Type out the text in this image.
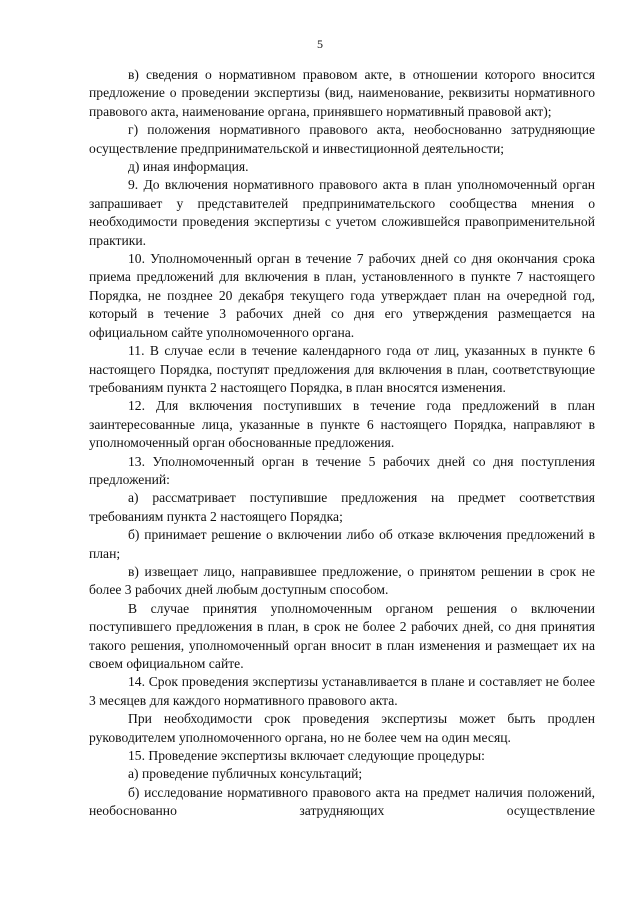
5

в) сведения о нормативном правовом акте, в отношении которого вносится предложение о проведении экспертизы (вид, наименование, реквизиты нормативного правового акта, наименование органа, принявшего нормативный правовой акт);

г) положения нормативного правового акта, необоснованно затрудняющие осуществление предпринимательской и инвестиционной деятельности;

д) иная информация.

9. До включения нормативного правового акта в план уполномоченный орган запрашивает у представителей предпринимательского сообщества мнения о необходимости проведения экспертизы с учетом сложившейся правоприменительной практики.

10. Уполномоченный орган в течение 7 рабочих дней со дня окончания срока приема предложений для включения в план, установленного в пункте 7 настоящего Порядка, не позднее 20 декабря текущего года утверждает план на очередной год, который в течение 3 рабочих дней со дня его утверждения размещается на официальном сайте уполномоченного органа.

11. В случае если в течение календарного года от лиц, указанных в пункте 6 настоящего Порядка, поступят предложения для включения в план, соответствующие требованиям пункта 2 настоящего Порядка, в план вносятся изменения.

12. Для включения поступивших в течение года предложений в план заинтересованные лица, указанные в пункте 6 настоящего Порядка, направляют в уполномоченный орган обоснованные предложения.

13. Уполномоченный орган в течение 5 рабочих дней со дня поступления предложений:

а) рассматривает поступившие предложения на предмет соответствия требованиям пункта 2 настоящего Порядка;

б) принимает решение о включении либо об отказе включения предложений в план;

в) извещает лицо, направившее предложение, о принятом решении в срок не более 3 рабочих дней любым доступным способом.

В случае принятия уполномоченным органом решения о включении поступившего предложения в план, в срок не более 2 рабочих дней, со дня принятия такого решения, уполномоченный орган вносит в план изменения и размещает их на своем официальном сайте.

14. Срок проведения экспертизы устанавливается в плане и составляет не более 3 месяцев для каждого нормативного правового акта.

При необходимости срок проведения экспертизы может быть продлен руководителем уполномоченного органа, но не более чем на один месяц.

15. Проведение экспертизы включает следующие процедуры:

а) проведение публичных консультаций;

б) исследование нормативного правового акта на предмет наличия положений, необоснованно затрудняющих осуществление
